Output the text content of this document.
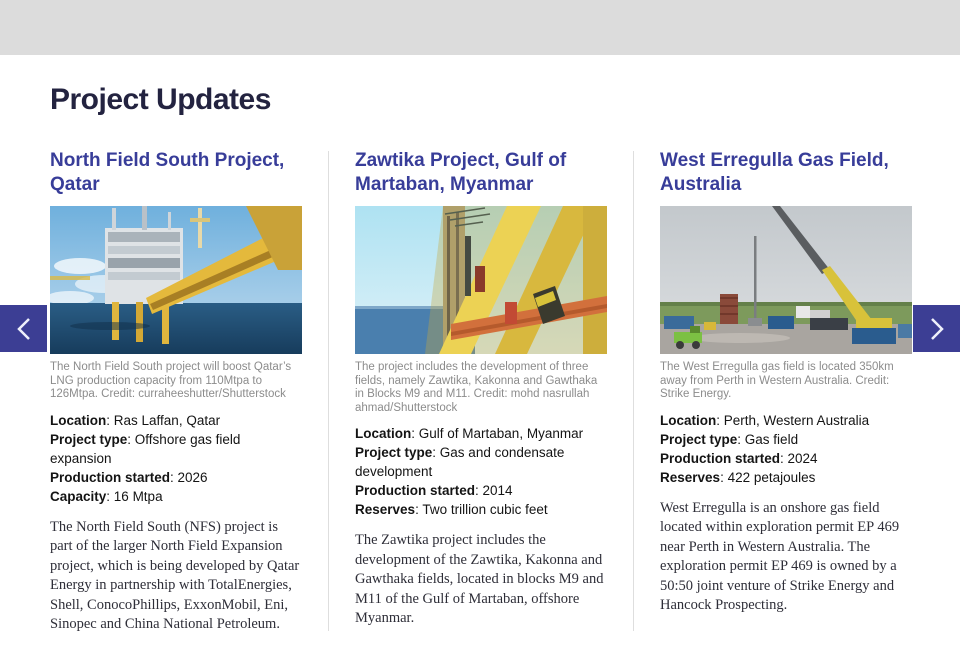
Project Updates
North Field South Project, Qatar
The North Field South project will boost Qatar’s LNG production capacity from 110Mtpa to 126Mtpa. Credit: curraheeshutter/Shutterstock
Location: Ras Laffan, Qatar
Project type: Offshore gas field expansion
Production started: 2026
Capacity: 16 Mtpa
The North Field South (NFS) project is part of the larger North Field Expansion project, which is being developed by Qatar Energy in partnership with TotalEnergies, Shell, ConocoPhillips, ExxonMobil, Eni, Sinopec and China National Petroleum.
Zawtika Project, Gulf of Martaban, Myanmar
The project includes the development of three fields, namely Zawtika, Kakonna and Gawthaka in Blocks M9 and M11. Credit: mohd nasrullah ahmad/Shutterstock
Location: Gulf of Martaban, Myanmar
Project type: Gas and condensate development
Production started: 2014
Reserves: Two trillion cubic feet
The Zawtika project includes the development of the Zawtika, Kakonna and Gawthaka fields, located in blocks M9 and M11 of the Gulf of Martaban, offshore Myanmar.
West Erregulla Gas Field, Australia
The West Erregulla gas field is located 350km away from Perth in Western Australia. Credit: Strike Energy.
Location: Perth, Western Australia
Project type: Gas field
Production started: 2024
Reserves: 422 petajoules
West Erregulla is an onshore gas field located within exploration permit EP 469 near Perth in Western Australia. The exploration permit EP 469 is owned by a 50:50 joint venture of Strike Energy and Hancock Prospecting.
